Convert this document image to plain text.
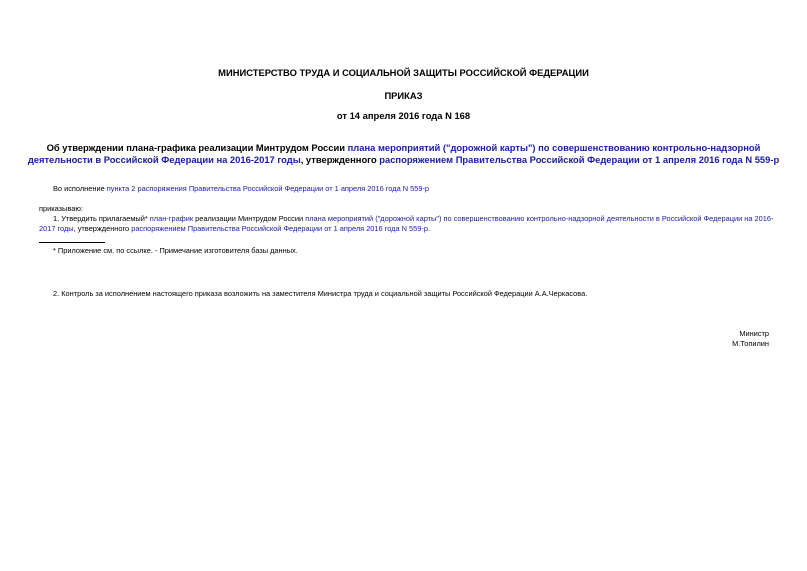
МИНИСТЕРСТВО ТРУДА И СОЦИАЛЬНОЙ ЗАЩИТЫ РОССИЙСКОЙ ФЕДЕРАЦИИ
ПРИКАЗ
от 14 апреля 2016 года N 168
Об утверждении плана-графика реализации Минтрудом России плана мероприятий ("дорожной карты") по совершенствованию контрольно-надзорной
деятельности в Российской Федерации на 2016-2017 годы, утвержденного распоряжением Правительства Российской Федерации от 1 апреля 2016 года N 559-р
Во исполнение пункта 2 распоряжения Правительства Российской Федерации от 1 апреля 2016 года N 559-р
приказываю:
1. Утвердить прилагаемый* план-график реализации Минтрудом России плана мероприятий ("дорожной карты") по совершенствованию контрольно-надзорной деятельности в Российской Федерации на 2016-2017 годы, утвержденного распоряжением Правительства Российской Федерации от 1 апреля 2016 года N 559-р.
* Приложение см. по ссылке. - Примечание изготовителя базы данных.
2. Контроль за исполнением настоящего приказа возложить на заместителя Министра труда и социальной защиты Российской Федерации А.А.Черкасова.
Министр
М.Топилин
